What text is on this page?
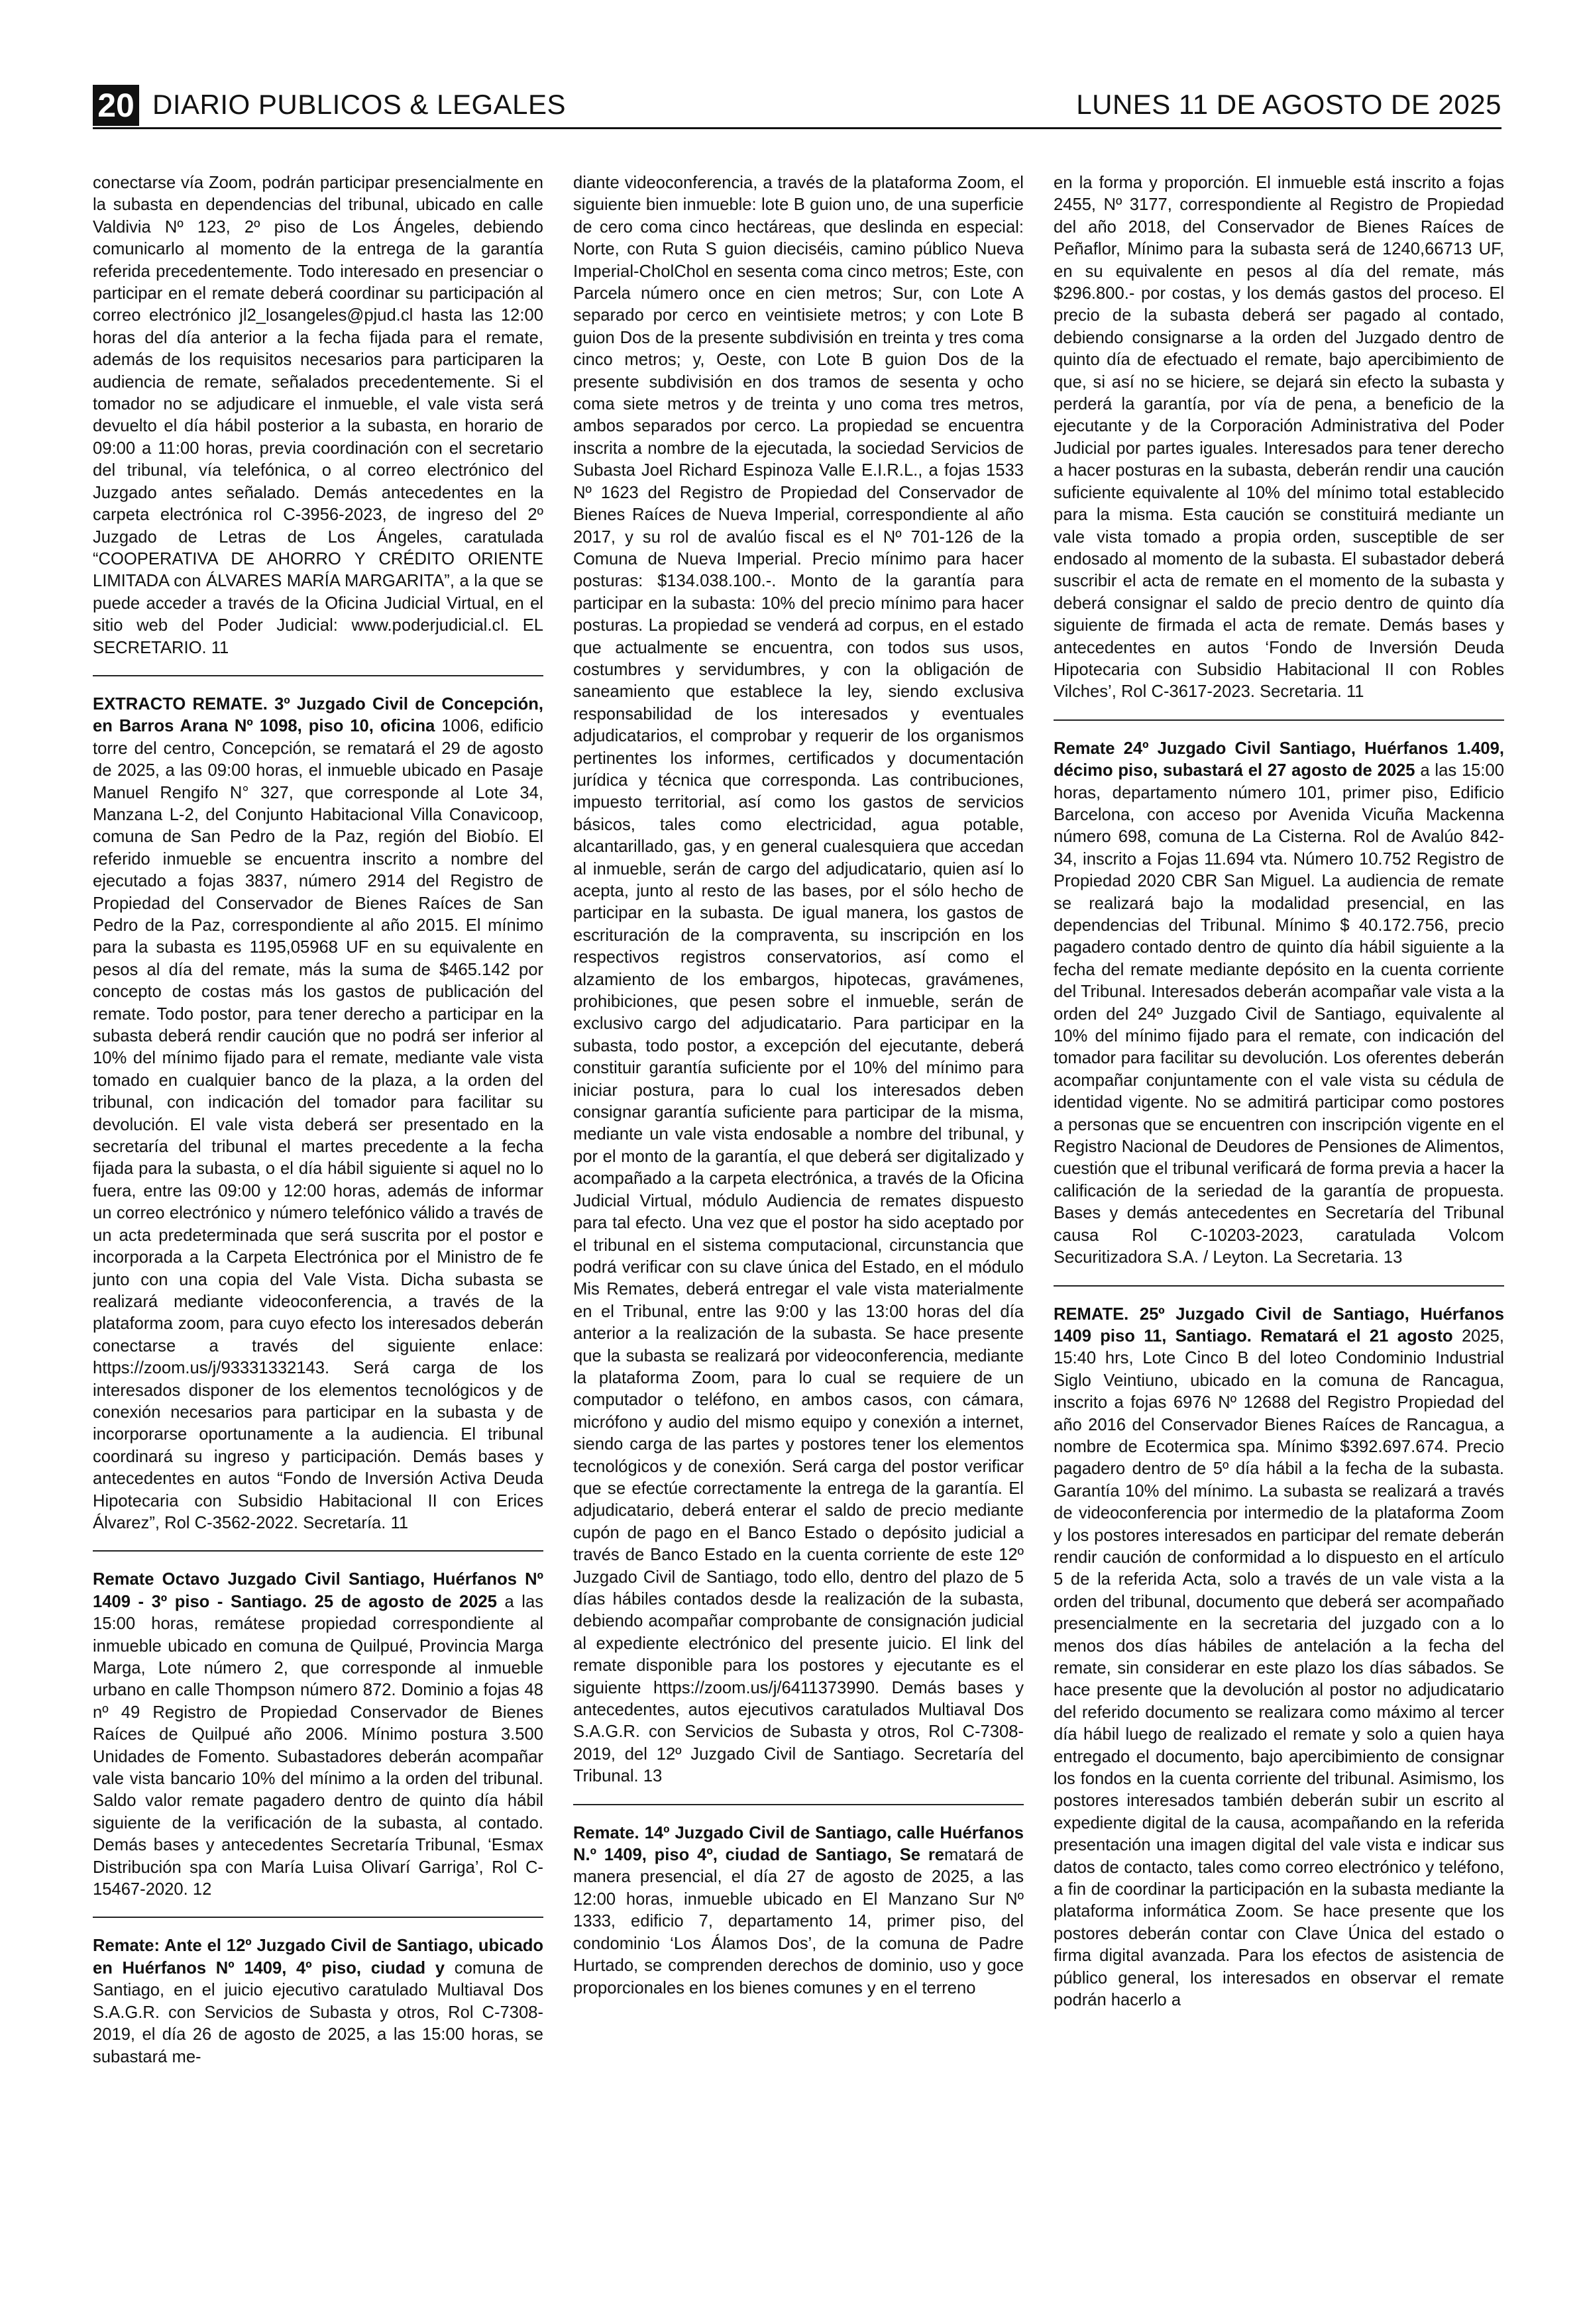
20 DIARIO PUBLICOS & LEGALES	LUNES 11 DE AGOSTO DE 2025

conectarse vía Zoom, podrán participar presencialmente en la subasta en dependencias del tribunal, ubicado en calle Valdivia Nº 123, 2º piso de Los Ángeles, debiendo comunicarlo al momento de la entrega de la garantía referida precedentemente. Todo interesado en presenciar o participar en el remate deberá coordinar su participación al correo electrónico jl2_losangeles@pjud.cl hasta las 12:00 horas del día anterior a la fecha fijada para el remate, además de los requisitos necesarios para participaren la audiencia de remate, señalados precedentemente. Si el tomador no se adjudicare el inmueble, el vale vista será devuelto el día hábil posterior a la subasta, en horario de 09:00 a 11:00 horas, previa coordinación con el secretario del tribunal, vía telefónica, o al correo electrónico del Juzgado antes señalado. Demás antecedentes en la carpeta electrónica rol C-3956-2023, de ingreso del 2º Juzgado de Letras de Los Ángeles, caratulada “COOPERATIVA DE AHORRO Y CRÉDITO ORIENTE LIMITADA con ÁLVARES MARÍA MARGARITA”, a la que se puede acceder a través de la Oficina Judicial Virtual, en el sitio web del Poder Judicial: www.poderjudicial.cl. EL SECRETARIO. 11

EXTRACTO REMATE. 3º Juzgado Civil de Concepción, en Barros Arana Nº 1098, piso 10, oficina 1006, edificio torre del centro, Concepción, se rematará el 29 de agosto de 2025, a las 09:00 horas, el inmueble ubicado en Pasaje Manuel Rengifo N° 327, que corresponde al Lote 34, Manzana L-2, del Conjunto Habitacional Villa Conavicoop, comuna de San Pedro de la Paz, región del Biobío. El referido inmueble se encuentra inscrito a nombre del ejecutado a fojas 3837, número 2914 del Registro de Propiedad del Conservador de Bienes Raíces de San Pedro de la Paz, correspondiente al año 2015. El mínimo para la subasta es 1195,05968 UF en su equivalente en pesos al día del remate, más la suma de $465.142 por concepto de costas más los gastos de publicación del remate. Todo postor, para tener derecho a participar en la subasta deberá rendir caución que no podrá ser inferior al 10% del mínimo fijado para el remate, mediante vale vista tomado en cualquier banco de la plaza, a la orden del tribunal, con indicación del tomador para facilitar su devolución. El vale vista deberá ser presentado en la secretaría del tribunal el martes precedente a la fecha fijada para la subasta, o el día hábil siguiente si aquel no lo fuera, entre las 09:00 y 12:00 horas, además de informar un correo electrónico y número telefónico válido a través de un acta predeterminada que será suscrita por el postor e incorporada a la Carpeta Electrónica por el Ministro de fe junto con una copia del Vale Vista. Dicha subasta se realizará mediante videoconferencia, a través de la plataforma zoom, para cuyo efecto los interesados deberán conectarse a través del siguiente enlace: https://zoom.us/j/93331332143. Será carga de los interesados disponer de los elementos tecnológicos y de conexión necesarios para participar en la subasta y de incorporarse oportunamente a la audiencia. El tribunal coordinará su ingreso y participación. Demás bases y antecedentes en autos “Fondo de Inversión Activa Deuda Hipotecaria con Subsidio Habitacional II con Erices Álvarez”, Rol C-3562-2022. Secretaría. 11

Remate Octavo Juzgado Civil Santiago, Huérfanos Nº 1409 - 3º piso - Santiago. 25 de agosto de 2025 a las 15:00 horas, remátese propiedad correspondiente al inmueble ubicado en comuna de Quilpué, Provincia Marga Marga, Lote número 2, que corresponde al inmueble urbano en calle Thompson número 872. Dominio a fojas 48 nº 49 Registro de Propiedad Conservador de Bienes Raíces de Quilpué año 2006. Mínimo postura 3.500 Unidades de Fomento. Subastadores deberán acompañar vale vista bancario 10% del mínimo a la orden del tribunal. Saldo valor remate pagadero dentro de quinto día hábil siguiente de la verificación de la subasta, al contado. Demás bases y antecedentes Secretaría Tribunal, ‘Esmax Distribución spa con María Luisa Olivarí Garriga’, Rol C-15467-2020. 12

Remate: Ante el 12º Juzgado Civil de Santiago, ubicado en Huérfanos Nº 1409, 4º piso, ciudad y comuna de Santiago, en el juicio ejecutivo caratulado Multiaval Dos S.A.G.R. con Servicios de Subasta y otros, Rol C-7308-2019, el día 26 de agosto de 2025, a las 15:00 horas, se subastará me-

diante videoconferencia, a través de la plataforma Zoom, el siguiente bien inmueble: lote B guion uno, de una superficie de cero coma cinco hectáreas, que deslinda en especial: Norte, con Ruta S guion dieciséis, camino público Nueva Imperial-CholChol en sesenta coma cinco metros; Este, con Parcela número once en cien metros; Sur, con Lote A separado por cerco en veintisiete metros; y con Lote B guion Dos de la presente subdivisión en treinta y tres coma cinco metros; y, Oeste, con Lote B guion Dos de la presente subdivisión en dos tramos de sesenta y ocho coma siete metros y de treinta y uno coma tres metros, ambos separados por cerco. La propiedad se encuentra inscrita a nombre de la ejecutada, la sociedad Servicios de Subasta Joel Richard Espinoza Valle E.I.R.L., a fojas 1533 Nº 1623 del Registro de Propiedad del Conservador de Bienes Raíces de Nueva Imperial, correspondiente al año 2017, y su rol de avalúo fiscal es el Nº 701-126 de la Comuna de Nueva Imperial. Precio mínimo para hacer posturas: $134.038.100.-. Monto de la garantía para participar en la subasta: 10% del precio mínimo para hacer posturas. La propiedad se venderá ad corpus, en el estado que actualmente se encuentra, con todos sus usos, costumbres y servidumbres, y con la obligación de saneamiento que establece la ley, siendo exclusiva responsabilidad de los interesados y eventuales adjudicatarios, el comprobar y requerir de los organismos pertinentes los informes, certificados y documentación jurídica y técnica que corresponda. Las contribuciones, impuesto territorial, así como los gastos de servicios básicos, tales como electricidad, agua potable, alcantarillado, gas, y en general cualesquiera que accedan al inmueble, serán de cargo del adjudicatario, quien así lo acepta, junto al resto de las bases, por el sólo hecho de participar en la subasta. De igual manera, los gastos de escrituración de la compraventa, su inscripción en los respectivos registros conservatorios, así como el alzamiento de los embargos, hipotecas, gravámenes, prohibiciones, que pesen sobre el inmueble, serán de exclusivo cargo del adjudicatario. Para participar en la subasta, todo postor, a excepción del ejecutante, deberá constituir garantía suficiente por el 10% del mínimo para iniciar postura, para lo cual los interesados deben consignar garantía suficiente para participar de la misma, mediante un vale vista endosable a nombre del tribunal, y por el monto de la garantía, el que deberá ser digitalizado y acompañado a la carpeta electrónica, a través de la Oficina Judicial Virtual, módulo Audiencia de remates dispuesto para tal efecto. Una vez que el postor ha sido aceptado por el tribunal en el sistema computacional, circunstancia que podrá verificar con su clave única del Estado, en el módulo Mis Remates, deberá entregar el vale vista materialmente en el Tribunal, entre las 9:00 y las 13:00 horas del día anterior a la realización de la subasta. Se hace presente que la subasta se realizará por videoconferencia, mediante la plataforma Zoom, para lo cual se requiere de un computador o teléfono, en ambos casos, con cámara, micrófono y audio del mismo equipo y conexión a internet, siendo carga de las partes y postores tener los elementos tecnológicos y de conexión. Será carga del postor verificar que se efectúe correctamente la entrega de la garantía. El adjudicatario, deberá enterar el saldo de precio mediante cupón de pago en el Banco Estado o depósito judicial a través de Banco Estado en la cuenta corriente de este 12º Juzgado Civil de Santiago, todo ello, dentro del plazo de 5 días hábiles contados desde la realización de la subasta, debiendo acompañar comprobante de consignación judicial al expediente electrónico del presente juicio. El link del remate disponible para los postores y ejecutante es el siguiente https://zoom.us/j/6411373990. Demás bases y antecedentes, autos ejecutivos caratulados Multiaval Dos S.A.G.R. con Servicios de Subasta y otros, Rol C-7308-2019, del 12º Juzgado Civil de Santiago. Secretaría del Tribunal. 13

Remate. 14º Juzgado Civil de Santiago, calle Huérfanos N.º 1409, piso 4º, ciudad de Santiago, Se rematará de manera presencial, el día 27 de agosto de 2025, a las 12:00 horas, inmueble ubicado en El Manzano Sur Nº 1333, edificio 7, departamento 14, primer piso, del condominio ‘Los Álamos Dos’, de la comuna de Padre Hurtado, se comprenden derechos de dominio, uso y goce proporcionales en los bienes comunes y en el terreno

en la forma y proporción. El inmueble está inscrito a fojas 2455, Nº 3177, correspondiente al Registro de Propiedad del año 2018, del Conservador de Bienes Raíces de Peñaflor, Mínimo para la subasta será de 1240,66713 UF, en su equivalente en pesos al día del remate, más $296.800.- por costas, y los demás gastos del proceso. El precio de la subasta deberá ser pagado al contado, debiendo consignarse a la orden del Juzgado dentro de quinto día de efectuado el remate, bajo apercibimiento de que, si así no se hiciere, se dejará sin efecto la subasta y perderá la garantía, por vía de pena, a beneficio de la ejecutante y de la Corporación Administrativa del Poder Judicial por partes iguales. Interesados para tener derecho a hacer posturas en la subasta, deberán rendir una caución suficiente equivalente al 10% del mínimo total establecido para la misma. Esta caución se constituirá mediante un vale vista tomado a propia orden, susceptible de ser endosado al momento de la subasta. El subastador deberá suscribir el acta de remate en el momento de la subasta y deberá consignar el saldo de precio dentro de quinto día siguiente de firmada el acta de remate. Demás bases y antecedentes en autos ‘Fondo de Inversión Deuda Hipotecaria con Subsidio Habitacional II con Robles Vilches’, Rol C-3617-2023. Secretaria. 11

Remate 24º Juzgado Civil Santiago, Huérfanos 1.409, décimo piso, subastará el 27 agosto de 2025 a las 15:00 horas, departamento número 101, primer piso, Edificio Barcelona, con acceso por Avenida Vicuña Mackenna número 698, comuna de La Cisterna. Rol de Avalúo 842-34, inscrito a Fojas 11.694 vta. Número 10.752 Registro de Propiedad 2020 CBR San Miguel. La audiencia de remate se realizará bajo la modalidad presencial, en las dependencias del Tribunal. Mínimo $ 40.172.756, precio pagadero contado dentro de quinto día hábil siguiente a la fecha del remate mediante depósito en la cuenta corriente del Tribunal. Interesados deberán acompañar vale vista a la orden del 24º Juzgado Civil de Santiago, equivalente al 10% del mínimo fijado para el remate, con indicación del tomador para facilitar su devolución. Los oferentes deberán acompañar conjuntamente con el vale vista su cédula de identidad vigente. No se admitirá participar como postores a personas que se encuentren con inscripción vigente en el Registro Nacional de Deudores de Pensiones de Alimentos, cuestión que el tribunal verificará de forma previa a hacer la calificación de la seriedad de la garantía de propuesta. Bases y demás antecedentes en Secretaría del Tribunal causa Rol C-10203-2023, caratulada Volcom Securitizadora S.A. / Leyton. La Secretaria. 13

REMATE. 25º Juzgado Civil de Santiago, Huérfanos 1409 piso 11, Santiago. Rematará el 21 agosto 2025, 15:40 hrs, Lote Cinco B del loteo Condominio Industrial Siglo Veintiuno, ubicado en la comuna de Rancagua, inscrito a fojas 6976 Nº 12688 del Registro Propiedad del año 2016 del Conservador Bienes Raíces de Rancagua, a nombre de Ecotermica spa. Mínimo $392.697.674. Precio pagadero dentro de 5º día hábil a la fecha de la subasta. Garantía 10% del mínimo. La subasta se realizará a través de videoconferencia por intermedio de la plataforma Zoom y los postores interesados en participar del remate deberán rendir caución de conformidad a lo dispuesto en el artículo 5 de la referida Acta, solo a través de un vale vista a la orden del tribunal, documento que deberá ser acompañado presencialmente en la secretaria del juzgado con a lo menos dos días hábiles de antelación a la fecha del remate, sin considerar en este plazo los días sábados. Se hace presente que la devolución al postor no adjudicatario del referido documento se realizara como máximo al tercer día hábil luego de realizado el remate y solo a quien haya entregado el documento, bajo apercibimiento de consignar los fondos en la cuenta corriente del tribunal. Asimismo, los postores interesados también deberán subir un escrito al expediente digital de la causa, acompañando en la referida presentación una imagen digital del vale vista e indicar sus datos de contacto, tales como correo electrónico y teléfono, a fin de coordinar la participación en la subasta mediante la plataforma informática Zoom. Se hace presente que los postores deberán contar con Clave Única del estado o firma digital avanzada. Para los efectos de asistencia de público general, los interesados en observar el remate podrán hacerlo a
